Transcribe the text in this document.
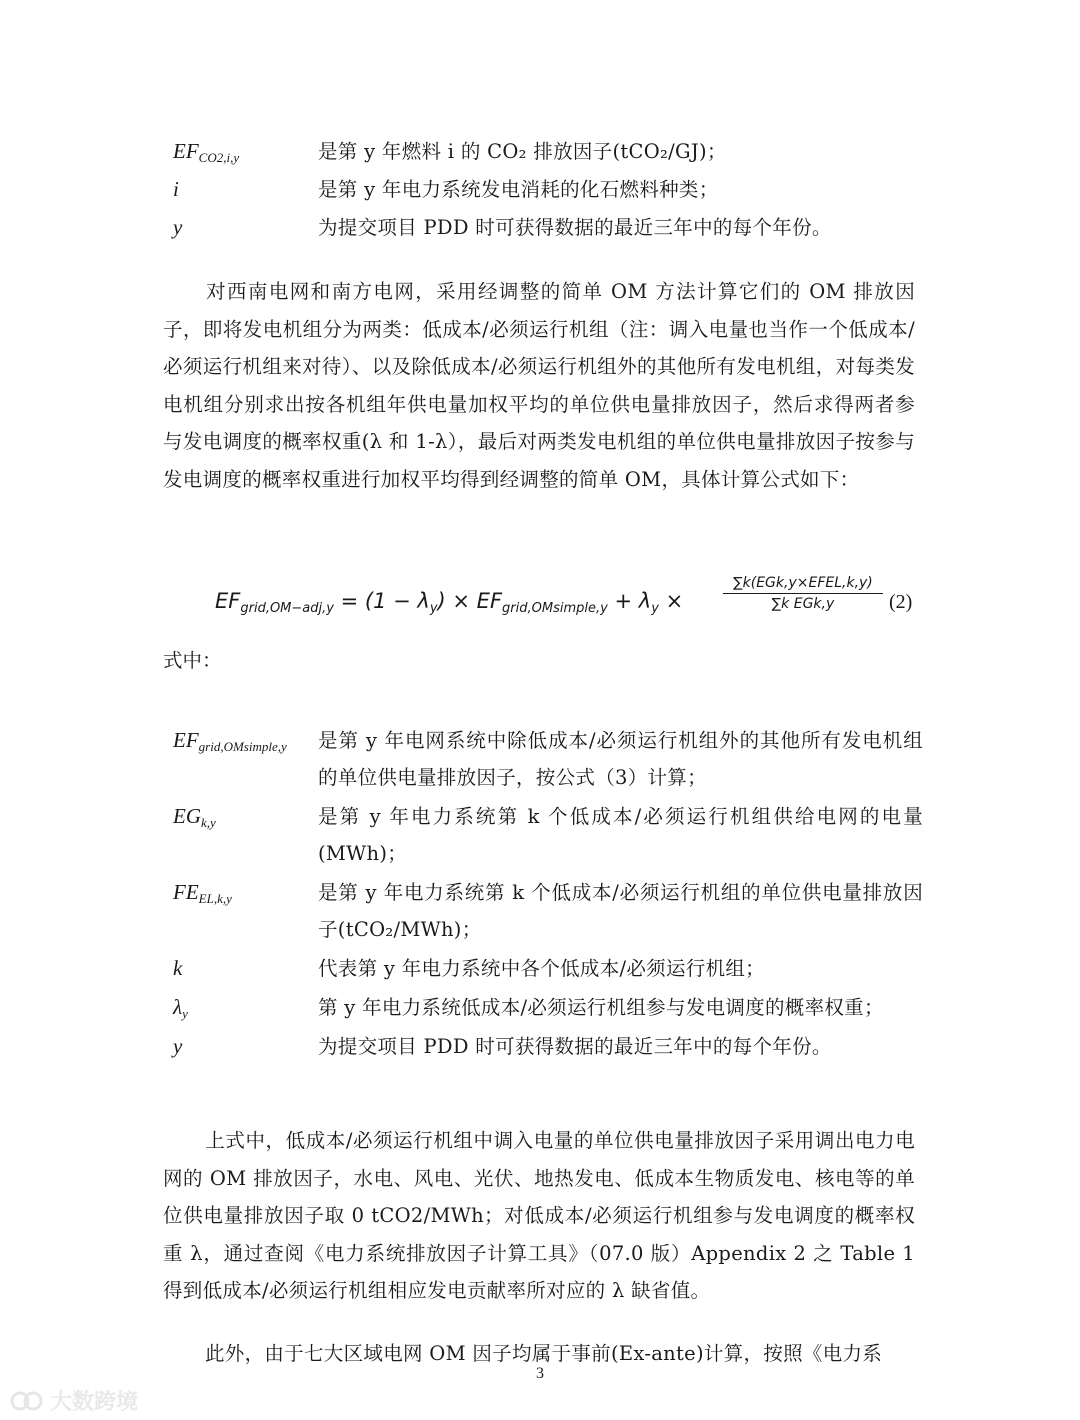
$EF_{CO2,i,y}$	是第 y 年燃料 i 的 CO₂ 排放因子(tCO₂/GJ)；
i	是第 y 年电力系统发电消耗的化石燃料种类；
y	为提交项目 PDD 时可获得数据的最近三年中的每个年份。

对西南电网和南方电网，采用经调整的简单 OM 方法计算它们的 OM 排放因子，即将发电机组分为两类：低成本/必须运行机组（注：调入电量也当作一个低成本/必须运行机组来对待）、以及除低成本/必须运行机组外的其他所有发电机组，对每类发电机组分别求出按各机组年供电量加权平均的单位供电量排放因子，然后求得两者参与发电调度的概率权重(λ 和 1-λ），最后对两类发电机组的单位供电量排放因子按参与发电调度的概率权重进行加权平均得到经调整的简单 OM，具体计算公式如下：

$EF_{grid,OM-adj,y} = (1 - \lambda_y) \times EF_{grid,OMsimple,y} + \lambda_y$ ×
∑k(EGk,y×EFEL,k,y)
∑k EGk,y	(2)

式中：

$EF_{grid,OMsimple,y}$	是第 y 年电网系统中除低成本/必须运行机组外的其他所有发电机组的单位供电量排放因子，按公式（3）计算；
$EG_{k,y}$	是第 y 年电力系统第 k 个低成本/必须运行机组供给电网的电量(MWh)；
$FE_{EL,k,y}$	是第 y 年电力系统第 k 个低成本/必须运行机组的单位供电量排放因子(tCO₂/MWh)；
k	代表第 y 年电力系统中各个低成本/必须运行机组；
$\lambda_y$	第 y 年电力系统低成本/必须运行机组参与发电调度的概率权重；
y	为提交项目 PDD 时可获得数据的最近三年中的每个年份。

上式中，低成本/必须运行机组中调入电量的单位供电量排放因子采用调出电力电网的 OM 排放因子，水电、风电、光伏、地热发电、低成本生物质发电、核电等的单位供电量排放因子取 0 tCO2/MWh；对低成本/必须运行机组参与发电调度的概率权重 λ，通过查阅《电力系统排放因子计算工具》（07.0 版）Appendix 2 之 Table 1 得到低成本/必须运行机组相应发电贡献率所对应的 λ 缺省值。

此外，由于七大区域电网 OM 因子均属于事前(Ex-ante)计算，按照《电力系

3
大数跨境
